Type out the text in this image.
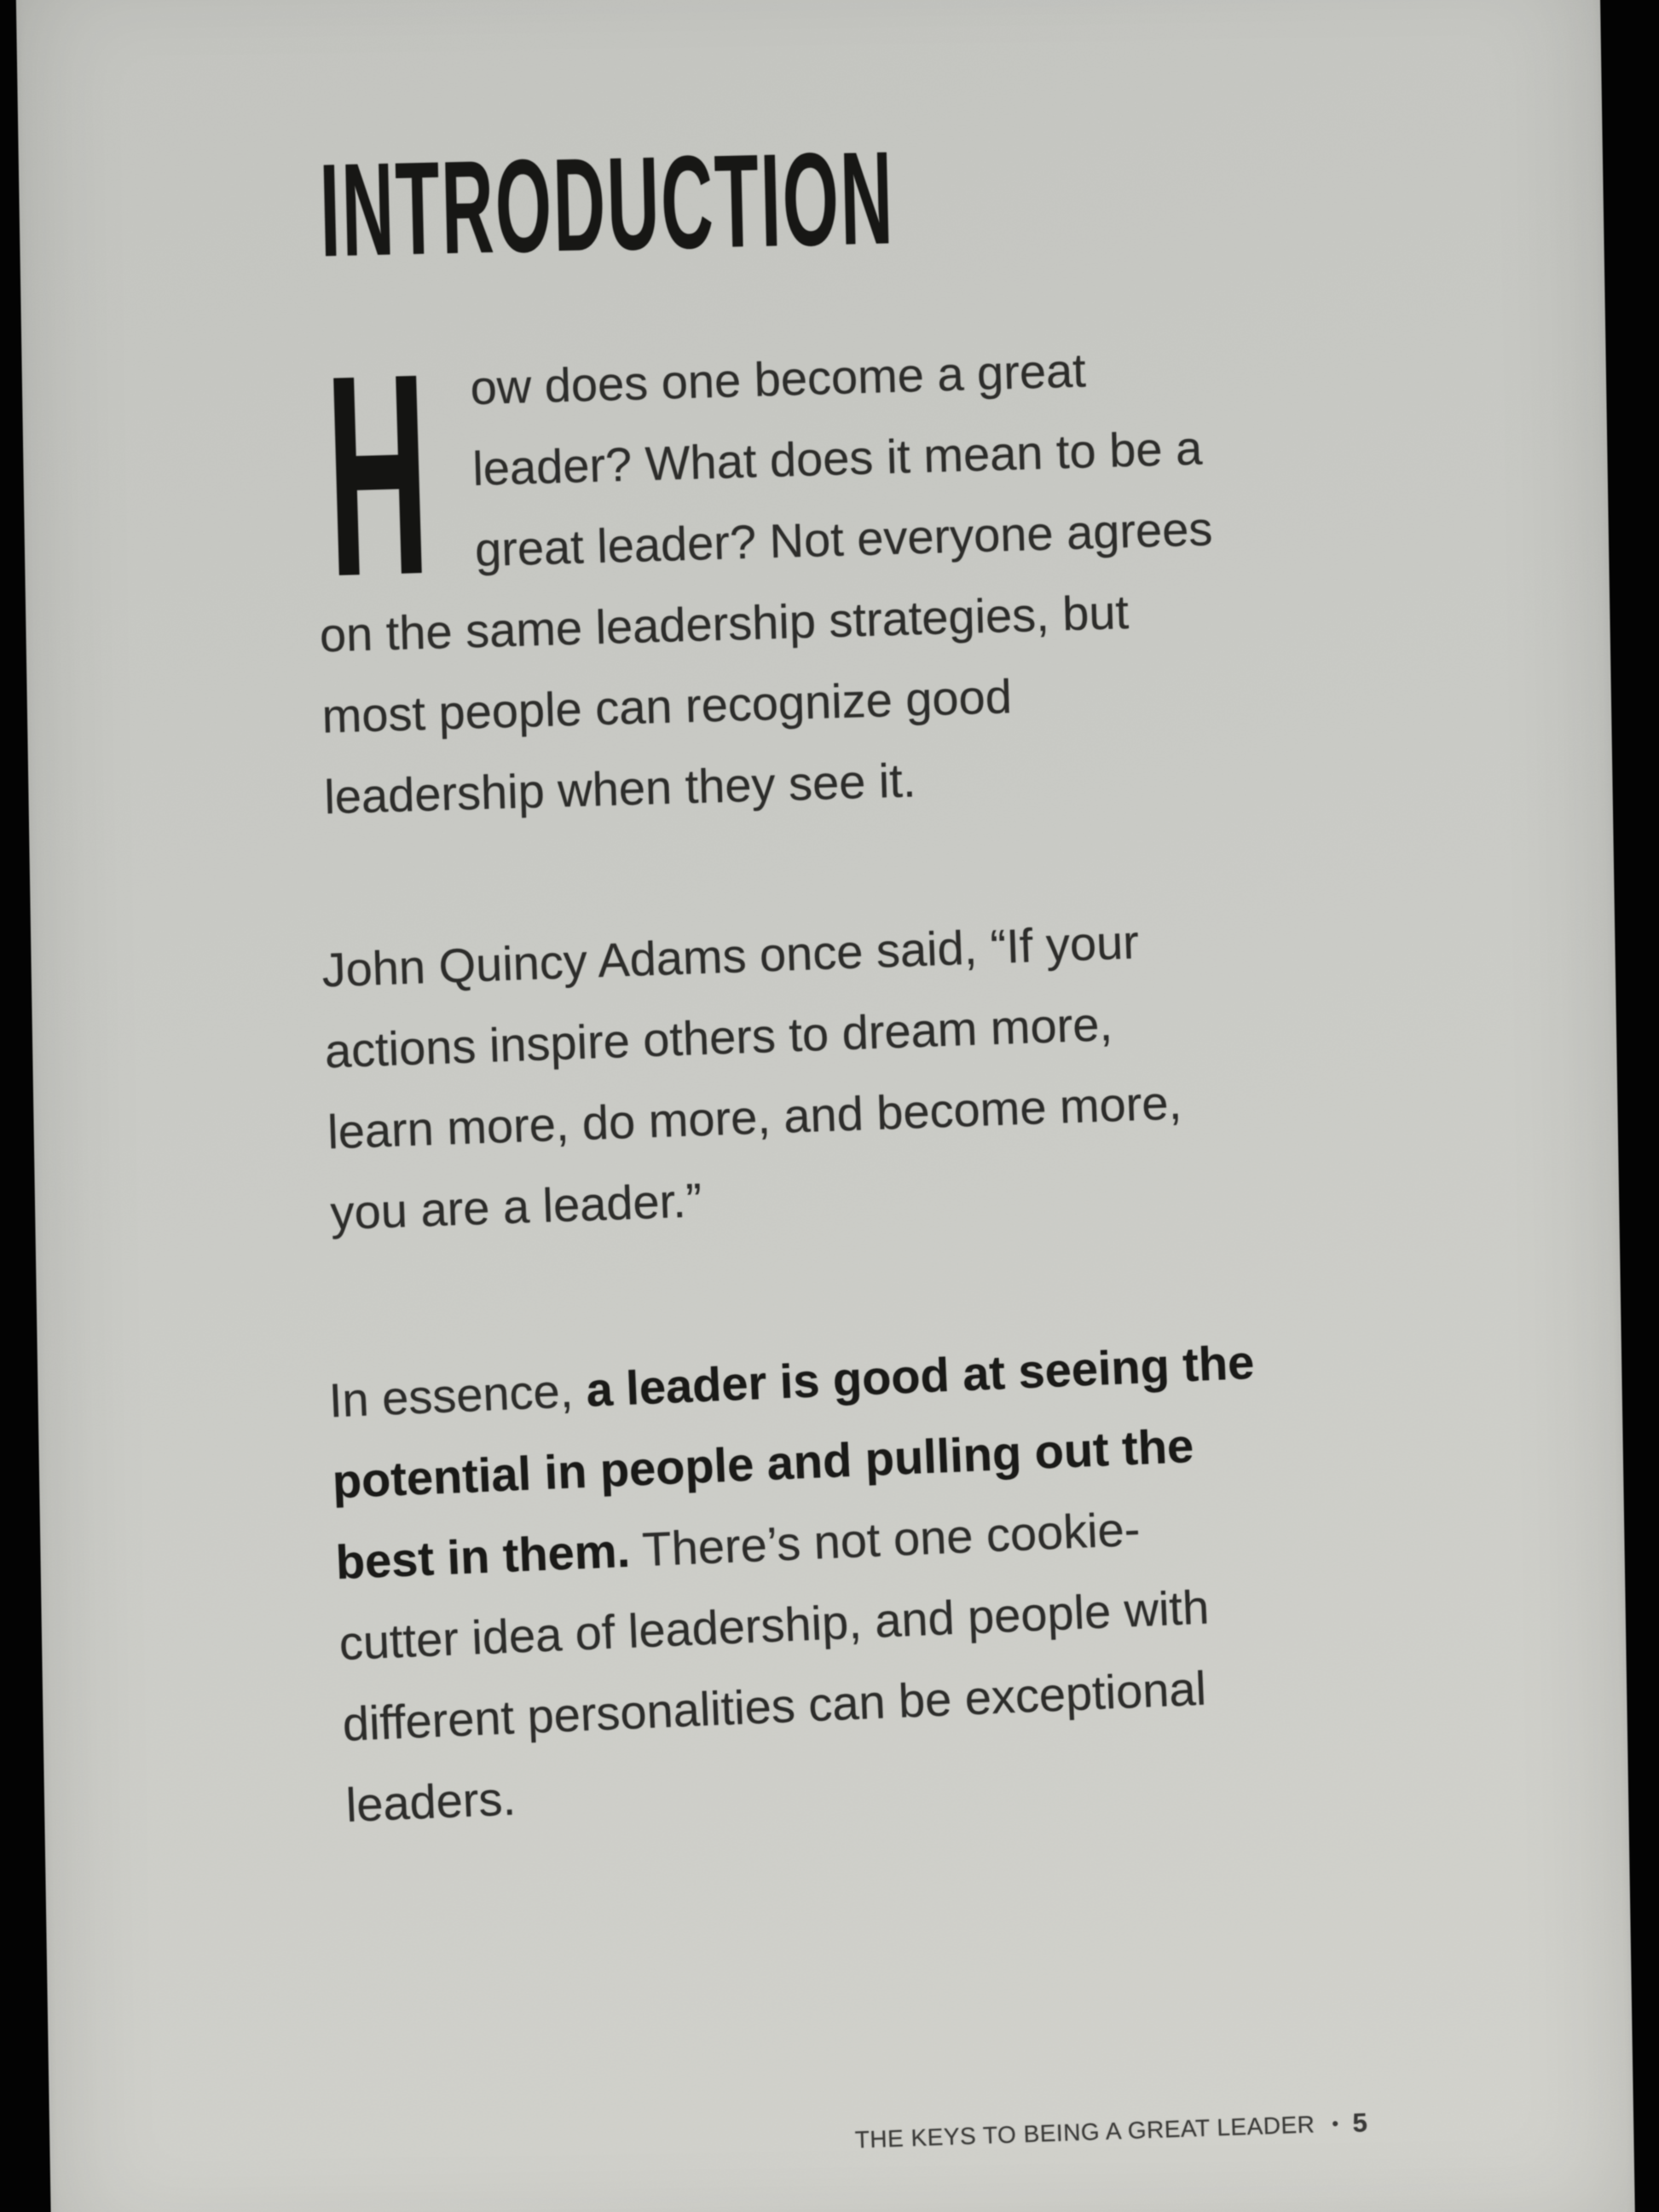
INTRODUCTION
H ow does one become a great
leader? What does it mean to be a
great leader? Not everyone agrees
on the same leadership strategies, but
most people can recognize good
leadership when they see it.
John Quincy Adams once said, “If your
actions inspire others to dream more,
learn more, do more, and become more,
you are a leader.”
In essence, a leader is good at seeing the
potential in people and pulling out the
best in them. There’s not one cookie-
cutter idea of leadership, and people with
different personalities can be exceptional
leaders.
THE KEYS TO BEING A GREAT LEADER • 5
